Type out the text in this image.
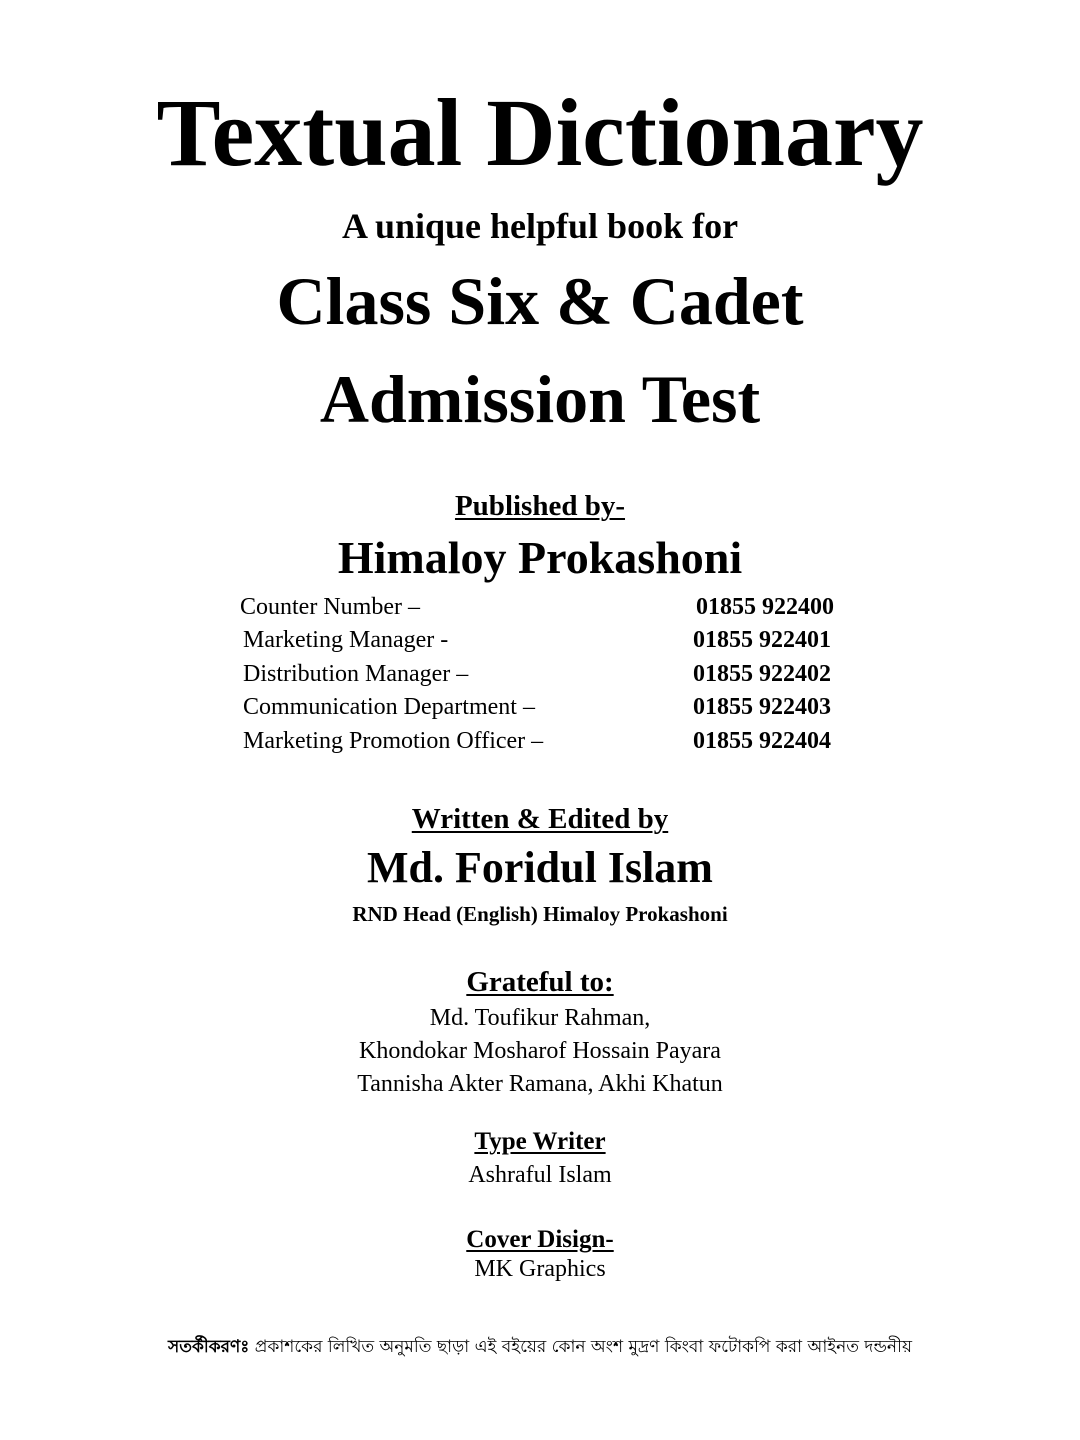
Textual Dictionary
A unique helpful book for
Class Six & Cadet
Admission Test
Published by-
Himaloy Prokashoni
Counter Number –	01855 922400
Marketing Manager -	01855 922401
Distribution Manager –	01855 922402
Communication Department –	01855 922403
Marketing Promotion Officer –	01855 922404
Written & Edited by
Md. Foridul Islam
RND Head (English) Himaloy Prokashoni
Grateful to:
Md. Toufikur Rahman,
Khondokar Mosharof Hossain Payara
Tannisha Akter Ramana, Akhi Khatun
Type Writer
Ashraful Islam
Cover Disign-
MK Graphics
সতর্কীকরণঃ প্রকাশকের লিখিত অনুমতি ছাড়া এই বইয়ের কোন অংশ মুদ্রণ কিংবা ফটোকপি করা আইনত দন্ডনীয়
